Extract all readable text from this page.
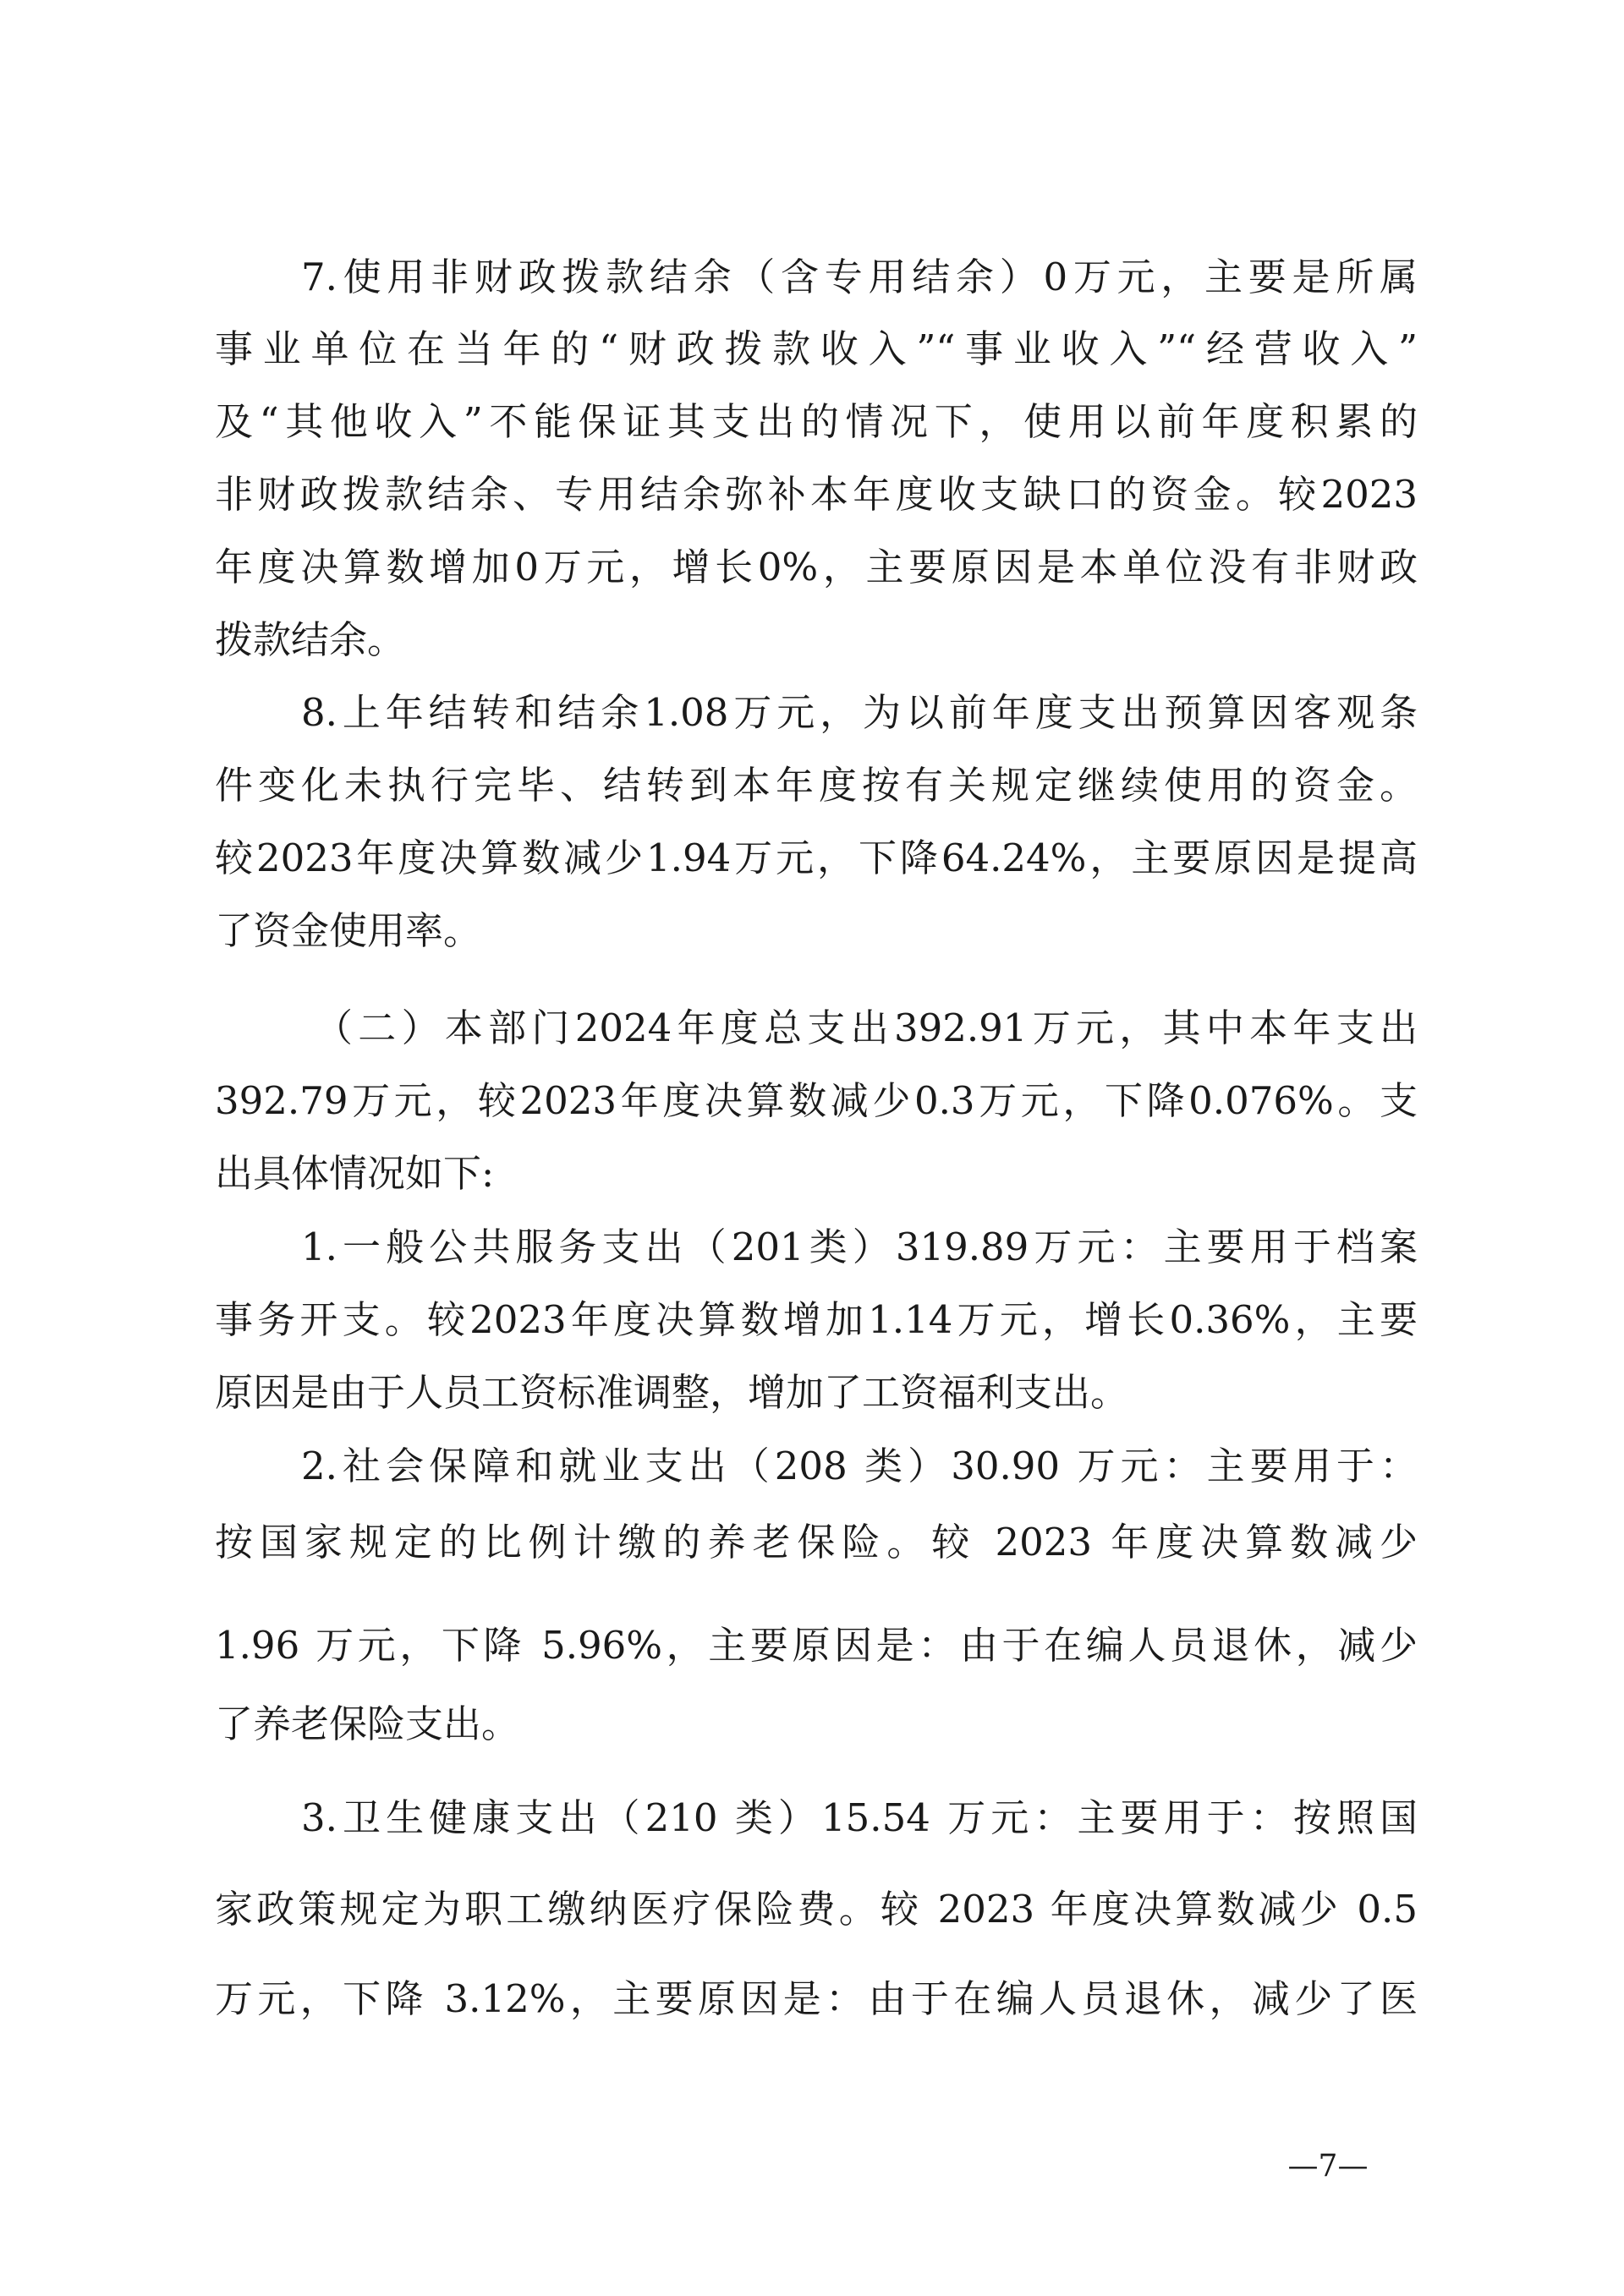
7.使用非财政拨款结余（含专用结余）0万元，主要是所属

事业单位在当年的“财政拨款收入”“事业收入”“经营收入”

及“其他收入”不能保证其支出的情况下，使用以前年度积累的

非财政拨款结余、专用结余弥补本年度收支缺口的资金。较2023

年度决算数增加0万元，增长0%，主要原因是本单位没有非财政

拨款结余。

8.上年结转和结余1.08万元，为以前年度支出预算因客观条

件变化未执行完毕、结转到本年度按有关规定继续使用的资金。

较2023年度决算数减少1.94万元，下降64.24%，主要原因是提高

了资金使用率。

（二）本部门2024年度总支出392.91万元，其中本年支出

392.79万元，较2023年度决算数减少0.3万元，下降0.076%。支

出具体情况如下:

1.一般公共服务支出（201类）319.89万元：主要用于档案

事务开支。较2023年度决算数增加1.14万元，增长0.36%，主要

原因是由于人员工资标准调整，增加了工资福利支出。

2.社会保障和就业支出（208 类）30.90 万元：主要用于：

按国家规定的比例计缴的养老保险。较 2023 年度决算数减少

1.96 万元，下降 5.96%，主要原因是：由于在编人员退休，减少

了养老保险支出。

3.卫生健康支出（210 类）15.54 万元：主要用于：按照国

家政策规定为职工缴纳医疗保险费。较 2023 年度决算数减少 0.5

万元，下降 3.12%，主要原因是：由于在编人员退休，减少了医

—7—
